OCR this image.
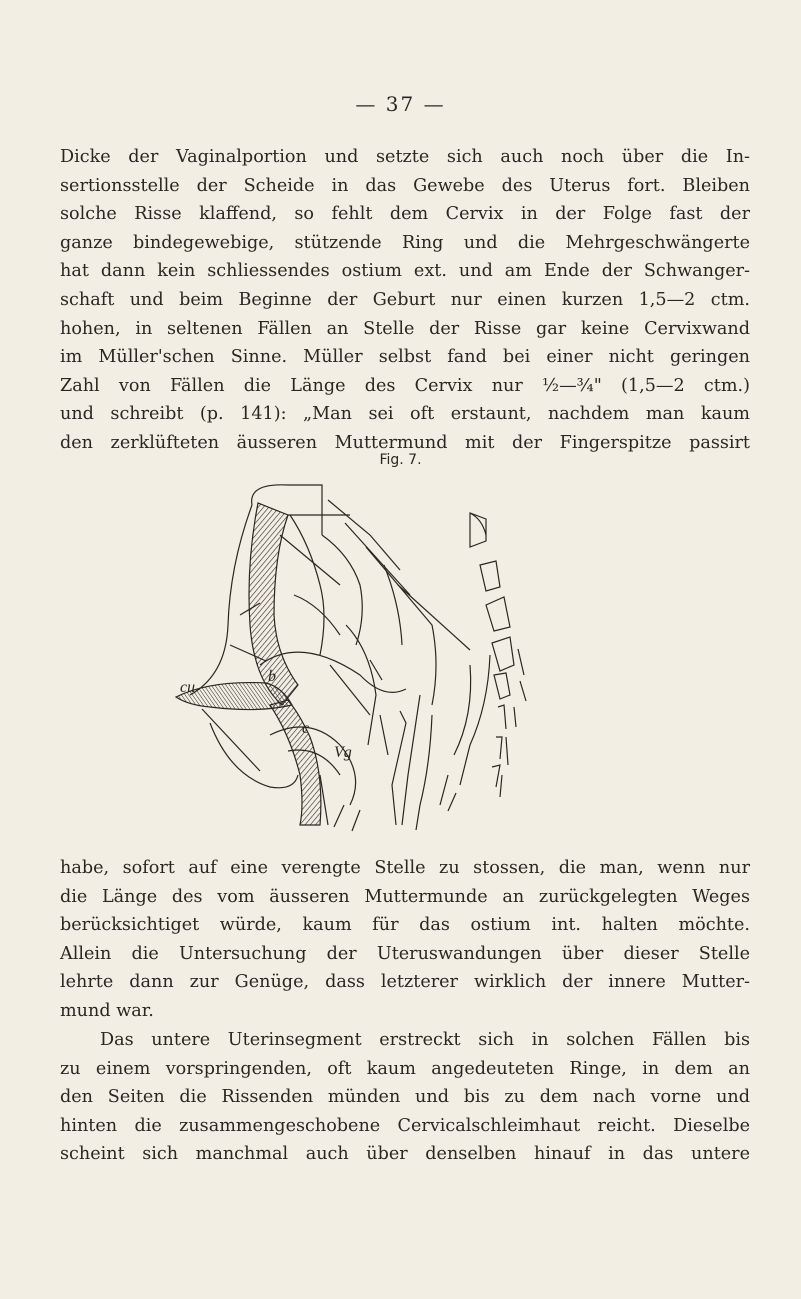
— 37 —

Dicke der Vaginalportion und setzte sich auch noch über die In-
sertionsstelle der Scheide in das Gewebe des Uterus fort. Bleiben
solche Risse klaffend, so fehlt dem Cervix in der Folge fast der
ganze bindegewebige, stützende Ring und die Mehrgeschwängerte
hat dann kein schliessendes ostium ext. und am Ende der Schwanger-
schaft und beim Beginne der Geburt nur einen kurzen 1,5—2 ctm.
hohen, in seltenen Fällen an Stelle der Risse gar keine Cervixwand
im Müller'schen Sinne. Müller selbst fand bei einer nicht geringen
Zahl von Fällen die Länge des Cervix nur ½—¾" (1,5—2 ctm.)
und schreibt (p. 141): „Man sei oft erstaunt, nachdem man kaum
den zerklüfteten äusseren Muttermund mit der Fingerspitze passirt

Fig. 7.
cu
b
c
Vg

habe, sofort auf eine verengte Stelle zu stossen, die man, wenn nur
die Länge des vom äusseren Muttermunde an zurückgelegten Weges
berücksichtiget würde, kaum für das ostium int. halten möchte.
Allein die Untersuchung der Uteruswandungen über dieser Stelle
lehrte dann zur Genüge, dass letzterer wirklich der innere Mutter-
mund war.

Das untere Uterinsegment erstreckt sich in solchen Fällen bis
zu einem vorspringenden, oft kaum angedeuteten Ringe, in dem an
den Seiten die Rissenden münden und bis zu dem nach vorne und
hinten die zusammengeschobene Cervicalschleimhaut reicht. Dieselbe
scheint sich manchmal auch über denselben hinauf in das untere
